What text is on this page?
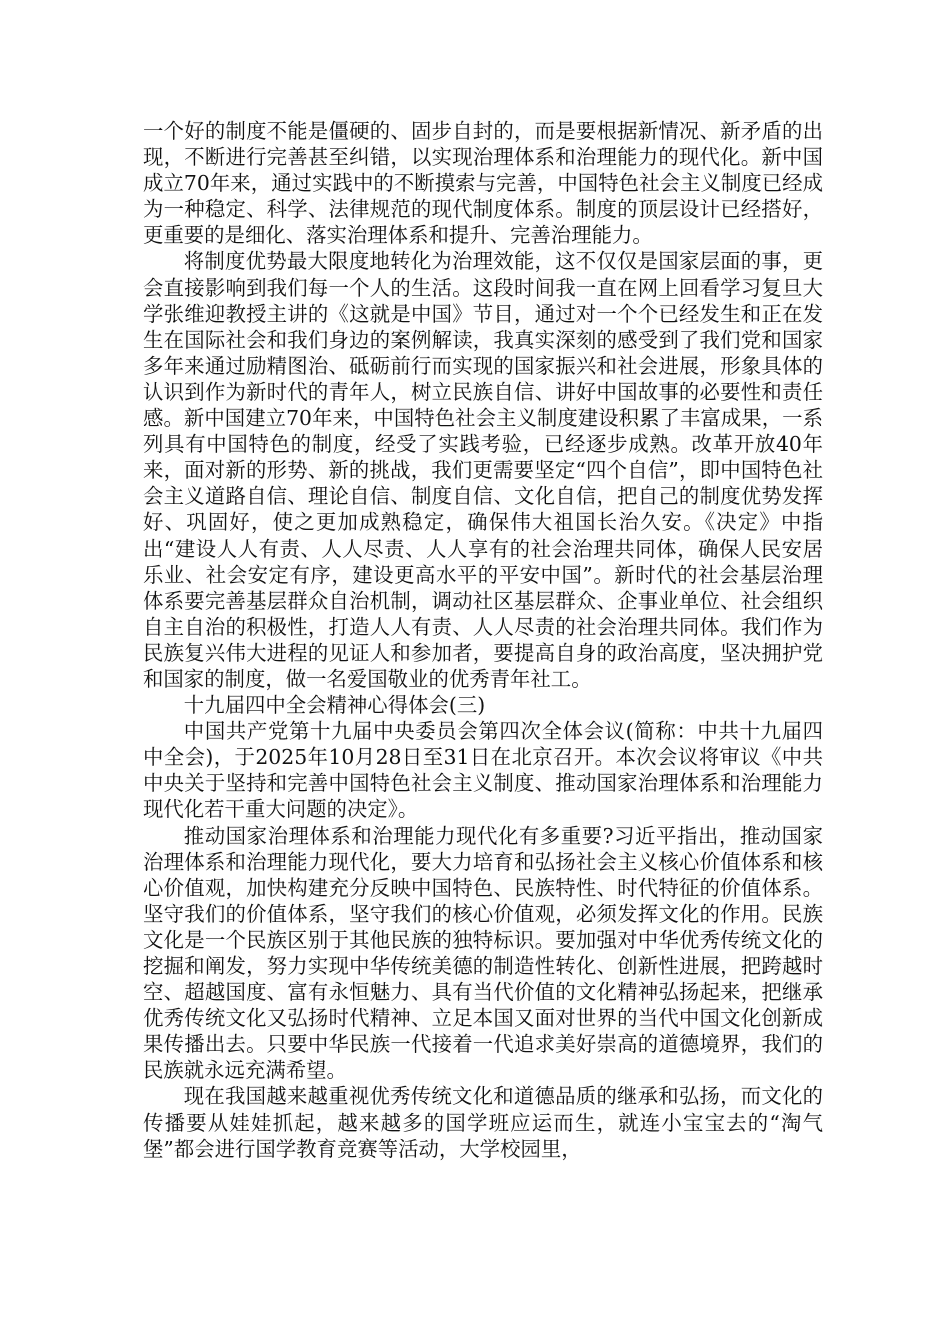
一个好的制度不能是僵硬的、固步自封的，而是要根据新情况、新矛盾的出现，不断进行完善甚至纠错，以实现治理体系和治理能力的现代化。新中国成立70年来，通过实践中的不断摸索与完善，中国特色社会主义制度已经成为一种稳定、科学、法律规范的现代制度体系。制度的顶层设计已经搭好，更重要的是细化、落实治理体系和提升、完善治理能力。

将制度优势最大限度地转化为治理效能，这不仅仅是国家层面的事，更会直接影响到我们每一个人的生活。这段时间我一直在网上回看学习复旦大学张维迎教授主讲的《这就是中国》节目，通过对一个个已经发生和正在发生在国际社会和我们身边的案例解读，我真实深刻的感受到了我们党和国家多年来通过励精图治、砥砺前行而实现的国家振兴和社会进展，形象具体的认识到作为新时代的青年人，树立民族自信、讲好中国故事的必要性和责任感。新中国建立70年来，中国特色社会主义制度建设积累了丰富成果，一系列具有中国特色的制度，经受了实践考验，已经逐步成熟。改革开放40年来，面对新的形势、新的挑战，我们更需要坚定“四个自信”，即中国特色社会主义道路自信、理论自信、制度自信、文化自信，把自己的制度优势发挥好、巩固好，使之更加成熟稳定，确保伟大祖国长治久安。《决定》中指出“建设人人有责、人人尽责、人人享有的社会治理共同体，确保人民安居乐业、社会安定有序，建设更高水平的平安中国”。新时代的社会基层治理体系要完善基层群众自治机制，调动社区基层群众、企事业单位、社会组织自主自治的积极性，打造人人有责、人人尽责的社会治理共同体。我们作为民族复兴伟大进程的见证人和参加者，要提高自身的政治高度，坚决拥护党和国家的制度，做一名爱国敬业的优秀青年社工。

十九届四中全会精神心得体会(三)

中国共产党第十九届中央委员会第四次全体会议(简称：中共十九届四中全会)，于2025年10月28日至31日在北京召开。本次会议将审议《中共中央关于坚持和完善中国特色社会主义制度、推动国家治理体系和治理能力现代化若干重大问题的决定》。

推动国家治理体系和治理能力现代化有多重要?习近平指出，推动国家治理体系和治理能力现代化，要大力培育和弘扬社会主义核心价值体系和核心价值观，加快构建充分反映中国特色、民族特性、时代特征的价值体系。坚守我们的价值体系，坚守我们的核心价值观，必须发挥文化的作用。民族文化是一个民族区别于其他民族的独特标识。要加强对中华优秀传统文化的挖掘和阐发，努力实现中华传统美德的制造性转化、创新性进展，把跨越时空、超越国度、富有永恒魅力、具有当代价值的文化精神弘扬起来，把继承优秀传统文化又弘扬时代精神、立足本国又面对世界的当代中国文化创新成果传播出去。只要中华民族一代接着一代追求美好崇高的道德境界，我们的民族就永远充满希望。

现在我国越来越重视优秀传统文化和道德品质的继承和弘扬，而文化的传播要从娃娃抓起，越来越多的国学班应运而生，就连小宝宝去的“淘气堡”都会进行国学教育竞赛等活动，大学校园里，
